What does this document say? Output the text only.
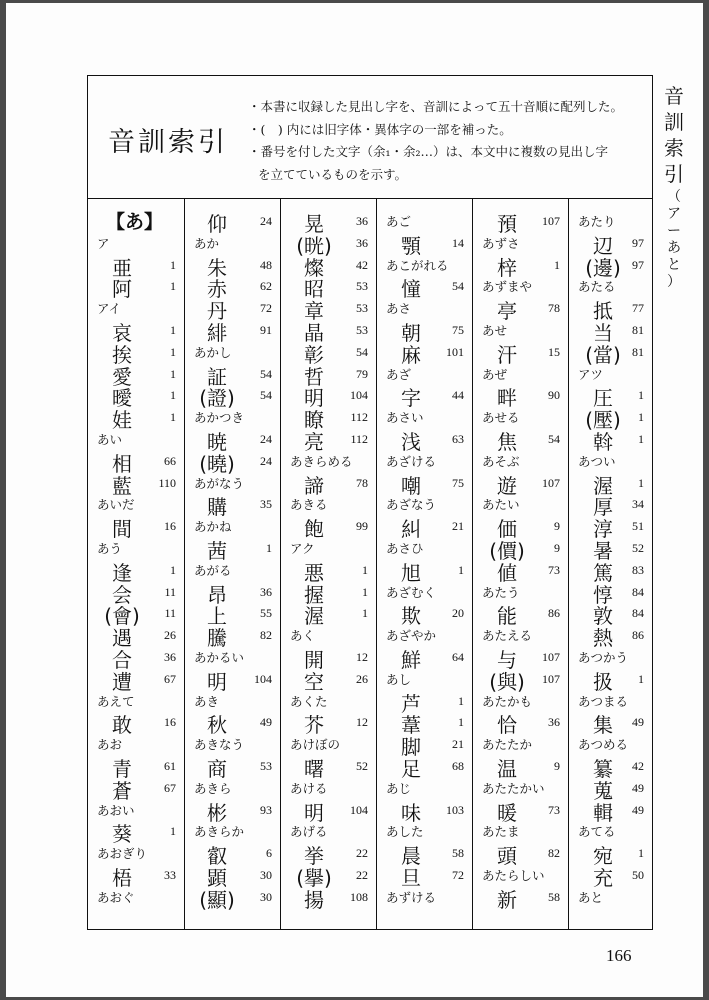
音訓索引
・本書に収録した見出し字を、音訓によって五十音順に配列した。
・(　) 内には旧字体・異体字の一部を補った。
・番号を付した文字（余₁・余₂…）は、本文中に複数の見出し字
を立てているものを示す。
【あ】
ア
亜	1
阿	1
アイ
哀	1
挨	1
愛	1
曖	1
娃	1
あい
相	66
藍	110
あいだ
間	16
あう
逢	1
会	11
(會) 11
遇	26
合	36
遭	67
あえて
敢	16
あお
青	61
蒼	67
あおい
葵	1
あおぎり
梧	33
あおぐ
仰	24
あか
朱	48
赤	62
丹	72
緋	91
あかし
証	54
(證) 54
あかつき
暁	24
(曉) 24
あがなう
購	35
あかね
茜	1
あがる
昂	36
上	55
騰	82
あかるい
明	104
あき
秋	49
あきなう
商	53
あきら
彬	93
あきらか
叡	6
顕	30
(顯) 30
晃	36
(晄) 36
燦	42
昭	53
章	53
晶	53
彰	54
哲	79
明	104
瞭	112
亮	112
あきらめる
諦	78
あきる
飽	99
アク
悪	1
握	1
渥	1
あく
開	12
空	26
あくた
芥	12
あけぼの
曙	52
あける
明	104
あげる
挙	22
(擧) 22
揚	108
あご
顎	14
あこがれる
憧	54
あさ
朝	75
麻	101
あざ
字	44
あさい
浅	63
あざける
嘲	75
あざなう
糾	21
あさひ
旭	1
あざむく
欺	20
あざやか
鮮	64
あし
芦	1
葦	1
脚	21
足	68
あじ
味	103
あした
晨	58
旦	72
あずける
預	107
あずさ
梓	1
あずまや
亭	78
あせ
汗	15
あぜ
畔	90
あせる
焦	54
あそぶ
遊	107
あたい
価	9
(價) 9
値	73
あたう
能	86
あたえる
与	107
(與) 107
あたかも
恰	36
あたたか
温	9
あたたかい
暖	73
あたま
頭	82
あたらしい
新	58
あたり
辺	97
(邊) 97
あたる
抵	77
当	81
(當) 81
アツ
圧	1
(壓) 1
斡	1
あつい
渥	1
厚	34
淳	51
暑	52
篤	83
惇	84
敦	84
熱	86
あつかう
扱	1
あつまる
集	49
あつめる
纂	42
蒐	49
輯	49
あてる
宛	1
充	50
あと
音
訓
索
引
（
ア
ー
あ
と
）
166
